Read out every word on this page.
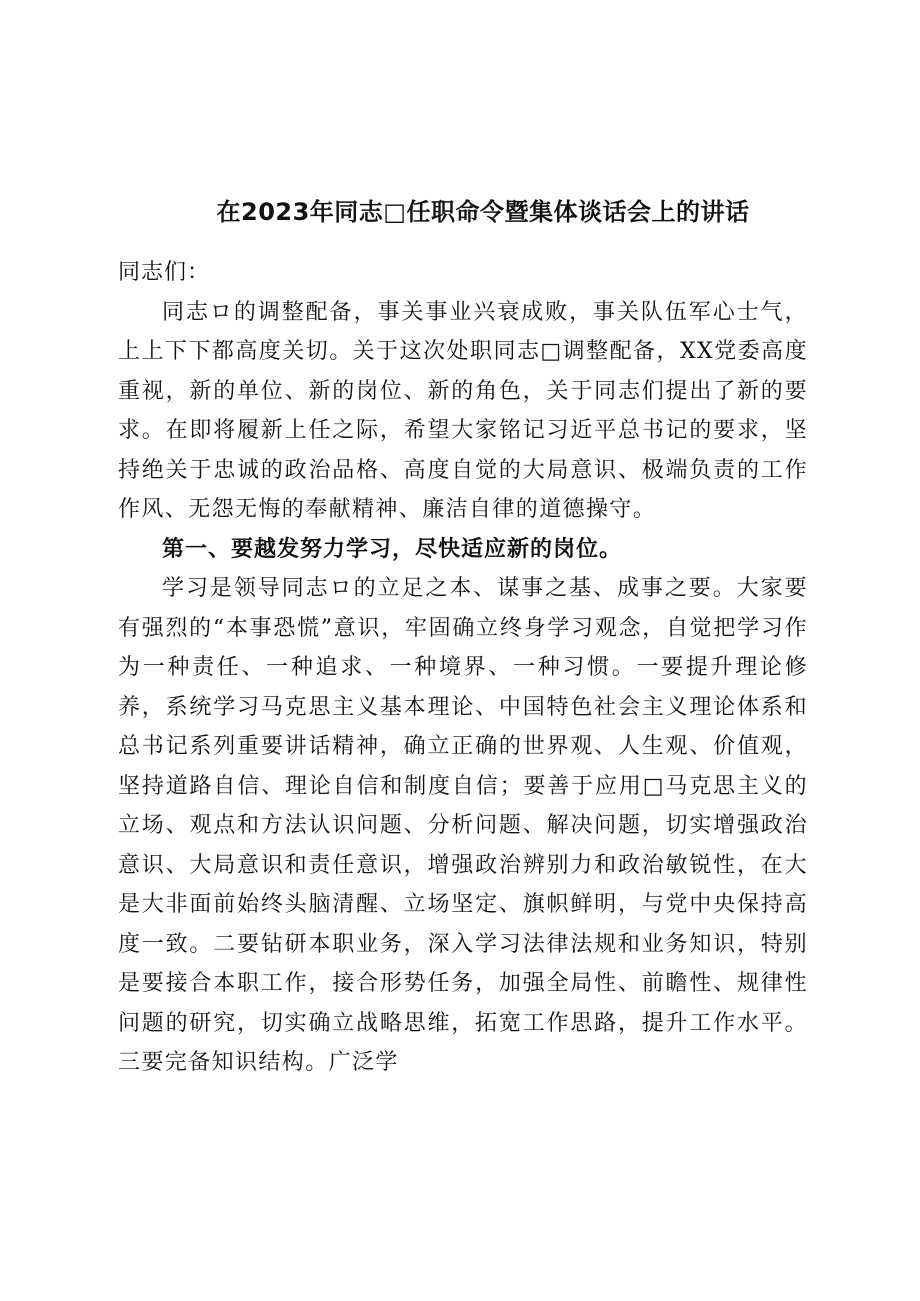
在2023年同志□任职命令暨集体谈话会上的讲话

同志们：

同志ロ的调整配备，事关事业兴衰成败，事关队伍军心士气，上上下下都高度关切。关于这次处职同志□调整配备，XX党委高度重视，新的单位、新的岗位、新的角色，关于同志们提出了新的要求。在即将履新上任之际，希望大家铭记习近平总书记的要求，坚持绝关于忠诚的政治品格、高度自觉的大局意识、极端负责的工作作风、无怨无悔的奉献精神、廉洁自律的道德操守。

第一、要越发努力学习，尽快适应新的岗位。

学习是领导同志ロ的立足之本、谋事之基、成事之要。大家要有强烈的“本事恐慌”意识，牢固确立终身学习观念，自觉把学习作为一种责任、一种追求、一种境界、一种习惯。一要提升理论修养，系统学习马克思主义基本理论、中国特色社会主义理论体系和总书记系列重要讲话精神，确立正确的世界观、人生观、价值观，坚持道路自信、理论自信和制度自信；要善于应用□马克思主义的立场、观点和方法认识问题、分析问题、解决问题，切实增强政治意识、大局意识和责任意识，增强政治辨别力和政治敏锐性，在大是大非面前始终头脑清醒、立场坚定、旗帜鲜明，与党中央保持高度一致。二要钻研本职业务，深入学习法律法规和业务知识，特别是要接合本职工作，接合形势任务，加强全局性、前瞻性、规律性问题的研究，切实确立战略思维，拓宽工作思路，提升工作水平。三要完备知识结构。广泛学
